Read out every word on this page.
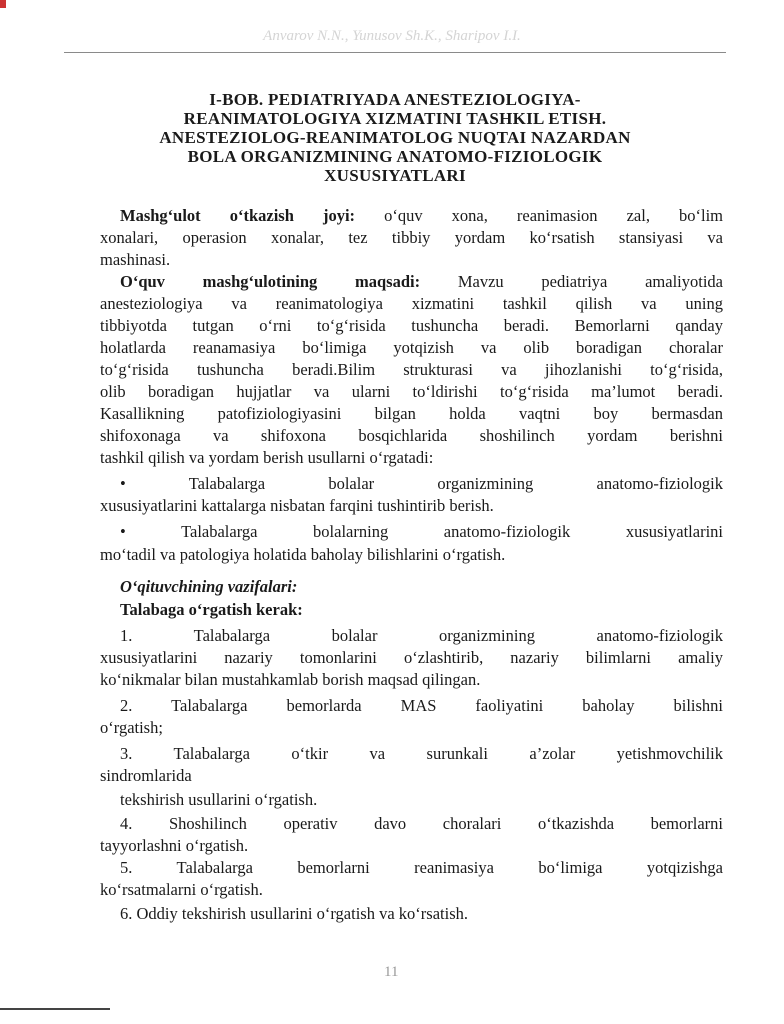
Anvarov N.N., Yunusov Sh.K., Sharipov I.I.
I-BOB. PEDIATRIYADA ANESTEZIOLOGIYA-
REANIMATOLOGIYA XIZMATINI TASHKIL ETISH.
ANESTEZIOLOG-REANIMATOLOG NUQTAI NAZARDAN
BOLA ORGANIZMINING ANATOMO-FIZIOLOGIK
XUSUSIYATLARI
Mashg‘ulot o‘tkazish joyi: o‘quv xona, reanimasion zal, bo‘lim
xonalari, operasion xonalar, tez tibbiy yordam ko‘rsatish stansiyasi va
mashinasi.
O‘quv mashg‘ulotining maqsadi: Mavzu pediatriya amaliyotida
anesteziologiya va reanimatologiya xizmatini tashkil qilish va uning
tibbiyotda tutgan o‘rni to‘g‘risida tushuncha beradi. Bemorlarni qanday
holatlarda reanamasiya bo‘limiga yotqizish va olib boradigan choralar
to‘g‘risida tushuncha beradi.Bilim strukturasi va jihozlanishi to‘g‘risida,
olib boradigan hujjatlar va ularni to‘ldirishi to‘g‘risida ma’lumot beradi.
Kasallikning patofiziologiyasini bilgan holda vaqtni boy bermasdan
shifoxonaga va shifoxona bosqichlarida shoshilinch yordam berishni
tashkil qilish va yordam berish usullarni o‘rgatadi:
• Talabalarga bolalar organizmining anatomo-fiziologik
xususiyatlarini kattalarga nisbatan farqini tushintirib berish.
• Talabalarga bolalarning anatomo-fiziologik xususiyatlarini
mo‘tadil va patologiya holatida baholay bilishlarini o‘rgatish.
O‘qituvchining vazifalari:
Talabaga o‘rgatish kerak:
1. Talabalarga bolalar organizmining anatomo-fiziologik
xususiyatlarini nazariy tomonlarini o‘zlashtirib, nazariy bilimlarni amaliy
ko‘nikmalar bilan mustahkamlab borish maqsad qilingan.
2. Talabalarga bemorlarda MAS faoliyatini baholay bilishni
o‘rgatish;
3. Talabalarga o‘tkir va surunkali a’zolar yetishmovchilik
sindromlarida
tekshirish usullarini o‘rgatish.
4. Shoshilinch operativ davo choralari o‘tkazishda bemorlarni
tayyorlashni o‘rgatish.
5. Talabalarga bemorlarni reanimasiya bo‘limiga yotqizishga
ko‘rsatmalarni o‘rgatish.
6. Oddiy tekshirish usullarini o‘rgatish va ko‘rsatish.
11
